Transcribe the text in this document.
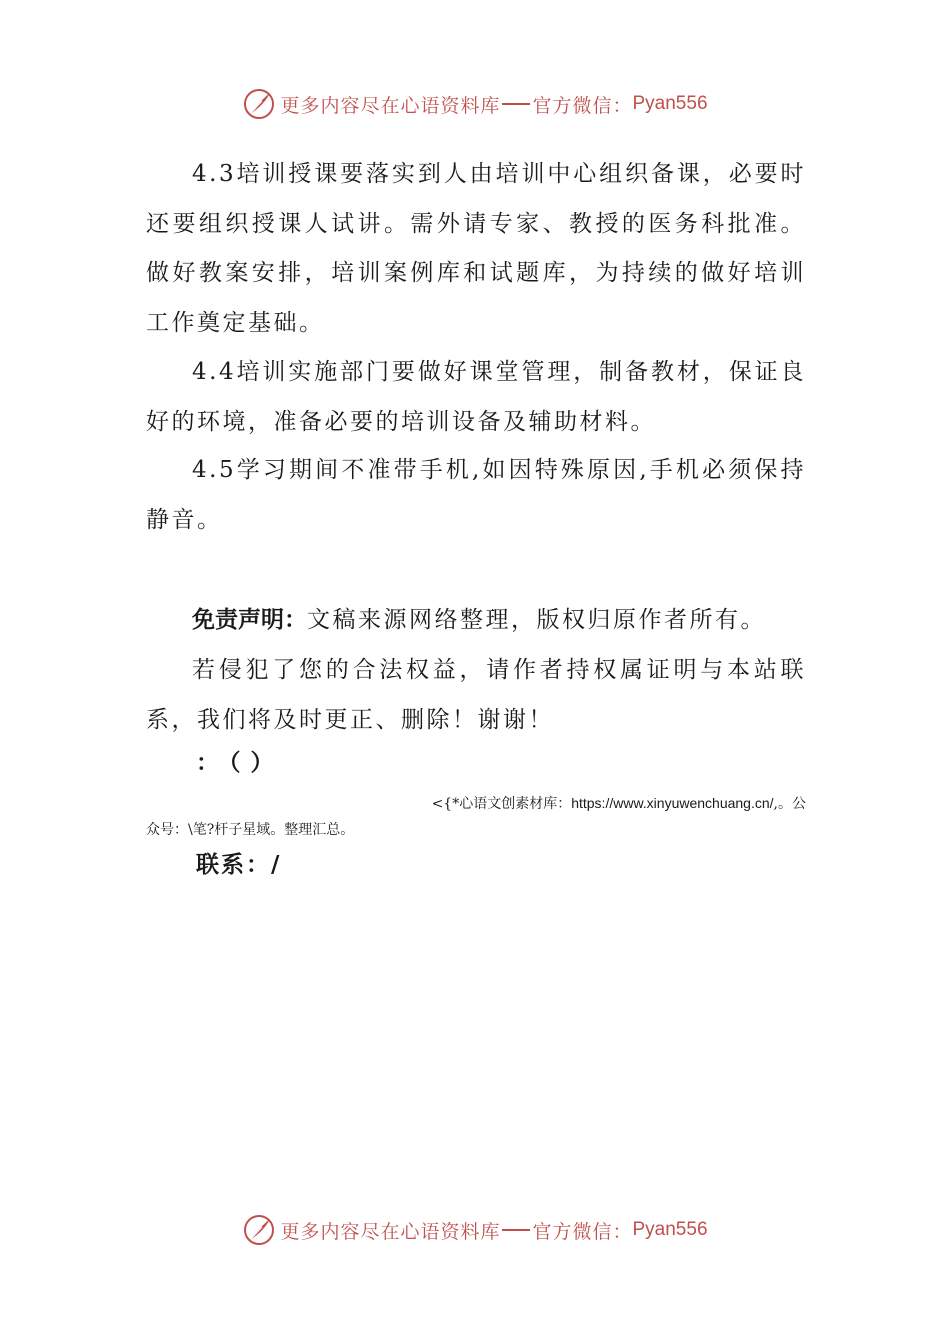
更多内容尽在心语资料库 官方微信： Pyan556

4.3培训授课要落实到人由培训中心组织备课，必要时还要组织授课人试讲。需外请专家、教授的医务科批准。做好教案安排，培训案例库和试题库，为持续的做好培训工作奠定基础。

4.4培训实施部门要做好课堂管理，制备教材，保证良好的环境，准备必要的培训设备及辅助材料。

4.5学习期间不准带手机,如因特殊原因,手机必须保持静音。

免责声明：文稿来源网络整理，版权归原作者所有。

若侵犯了您的合法权益，请作者持权属证明与本站联系，我们将及时更正、删除！谢谢！

：（）
<{*心语文创素材库：https://www.xinyuwenchuang.cn/,。公
众号：\笔?杆子星域。整理汇总。
联系：/
更多内容尽在心语资料库 官方微信： Pyan556
